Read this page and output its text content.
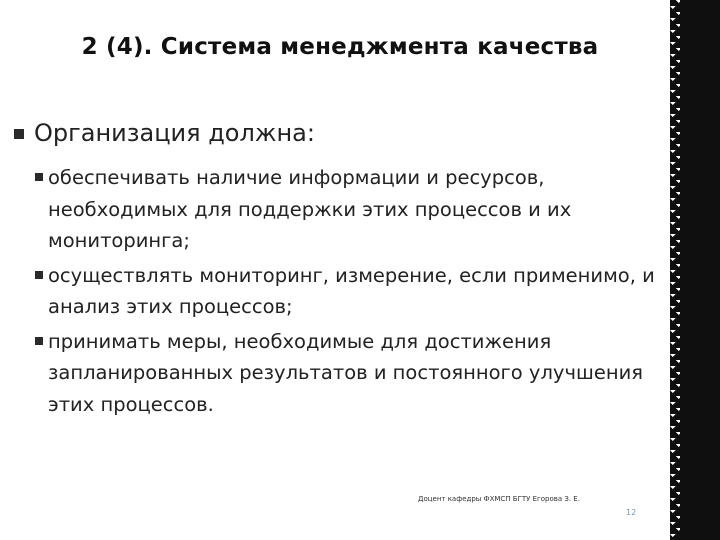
2 (4). Система менеджмента качества
Организация должна:
обеспечивать наличие информации и ресурсов, необходимых для поддержки этих процессов и их мониторинга;
осуществлять мониторинг, измерение, если применимо, и анализ этих процессов;
принимать меры, необходимые для достижения запланированных результатов и постоянного улучшения этих процессов.
Доцент кафедры ФХМСП БГТУ Егорова З. Е.
12
